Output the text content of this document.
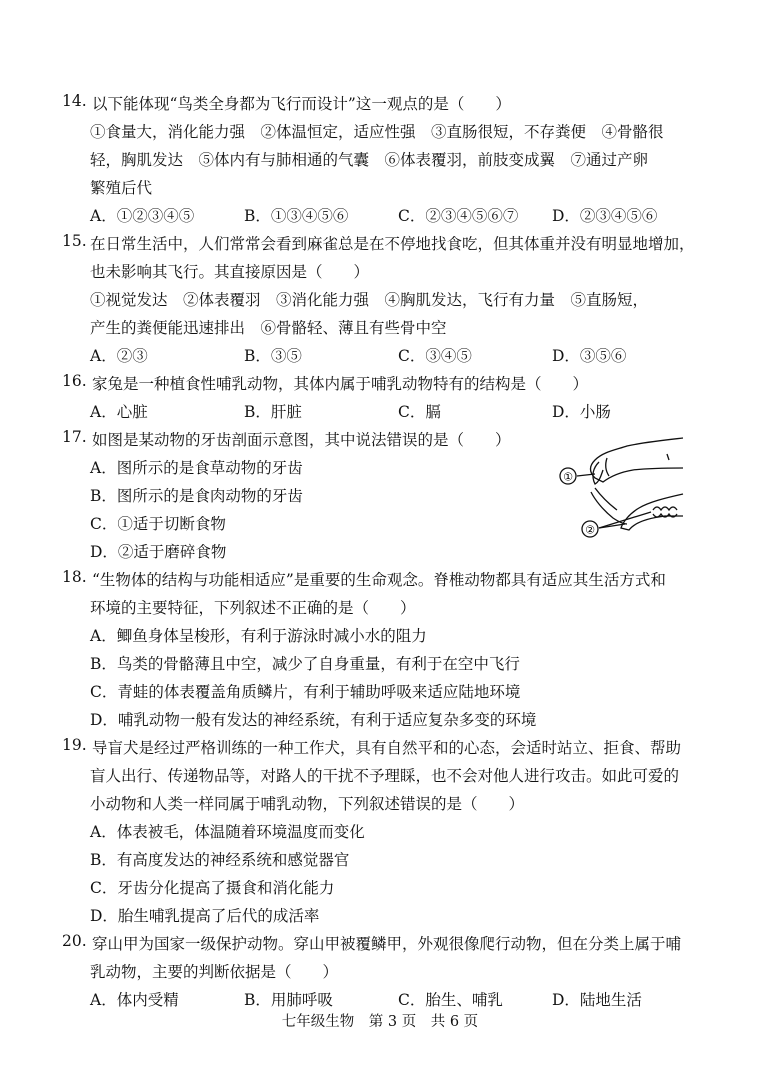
14. 以下能体现“鸟类全身都为飞行而设计”这一观点的是（　　）
①食量大，消化能力强　②体温恒定，适应性强　③直肠很短，不存粪便　④骨骼很
轻，胸肌发达　⑤体内有与肺相通的气囊　⑥体表覆羽，前肢变成翼　⑦通过产卵
繁殖后代
A．①②③④⑤	B．①③④⑤⑥	C．②③④⑤⑥⑦ D．②③④⑤⑥
15. 在日常生活中，人们常常会看到麻雀总是在不停地找食吃，但其体重并没有明显地增加，
也未影响其飞行。其直接原因是（　　）
①视觉发达　②体表覆羽　③消化能力强　④胸肌发达，飞行有力量　⑤直肠短，
产生的粪便能迅速排出　⑥骨骼轻、薄且有些骨中空
A．②③	B．③⑤	C．③④⑤	D．③⑤⑥
16. 家兔是一种植食性哺乳动物，其体内属于哺乳动物特有的结构是（　　）
A．心脏	B．肝脏	C．膈	D．小肠
17. 如图是某动物的牙齿剖面示意图，其中说法错误的是（　　）
A．图所示的是食草动物的牙齿
B．图所示的是食肉动物的牙齿
C．①适于切断食物
D．②适于磨碎食物
①
②
18. “生物体的结构与功能相适应”是重要的生命观念。脊椎动物都具有适应其生活方式和
环境的主要特征，下列叙述不正确的是（　　）
A．鲫鱼身体呈梭形，有利于游泳时减小水的阻力
B．鸟类的骨骼薄且中空，减少了自身重量，有利于在空中飞行
C．青蛙的体表覆盖角质鳞片，有利于辅助呼吸来适应陆地环境
D．哺乳动物一般有发达的神经系统，有利于适应复杂多变的环境
19. 导盲犬是经过严格训练的一种工作犬，具有自然平和的心态，会适时站立、拒食、帮助
盲人出行、传递物品等，对路人的干扰不予理睬，也不会对他人进行攻击。如此可爱的
小动物和人类一样同属于哺乳动物，下列叙述错误的是（　　）
A．体表被毛，体温随着环境温度而变化
B．有高度发达的神经系统和感觉器官
C．牙齿分化提高了摄食和消化能力
D．胎生哺乳提高了后代的成活率
20. 穿山甲为国家一级保护动物。穿山甲被覆鳞甲，外观很像爬行动物，但在分类上属于哺
乳动物，主要的判断依据是（　　）
A．体内受精	B．用肺呼吸	C．胎生、哺乳	D．陆地生活
七年级生物　第 3 页　共 6 页
